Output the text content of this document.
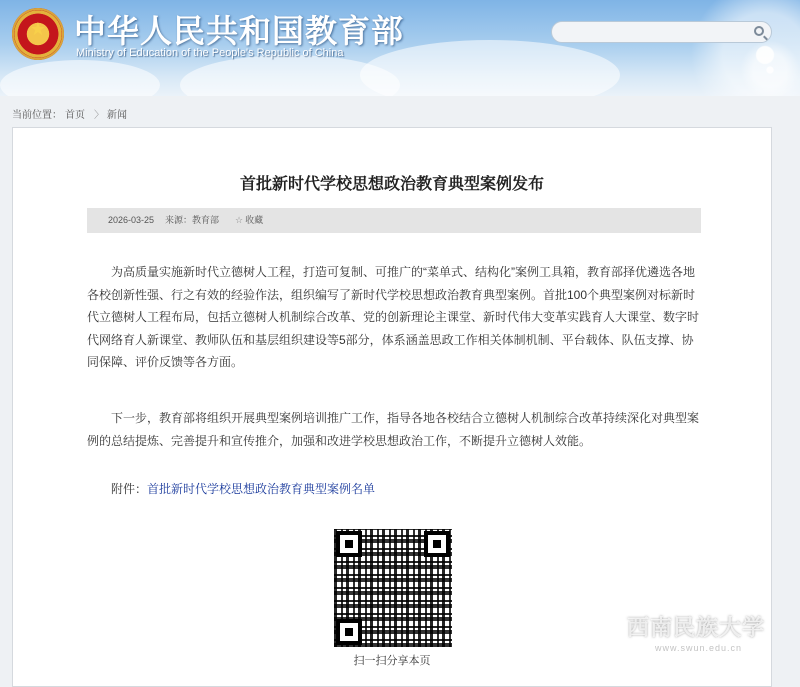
★ 中华人民共和国教育部
Ministry of Education of the People's Republic of China
当前位置： 首页 〉 新闻
首批新时代学校思想政治教育典型案例发布
2026-03-25 来源：教育部 ☆ 收藏

为高质量实施新时代立德树人工程，打造可复制、可推广的“菜单式、结构化”案例工具箱，教育部择优遴选各地 各校创新性强、行之有效的经验作法，组织编写了新时代学校思想政治教育典型案例。首批100个典型案例对标新时代立德树人工程布局，包括立德树人机制综合改革、党的创新理论主课堂、新时代伟大变革实践育人大课堂、数字时代网络育人新课堂、教师队伍和基层组织建设等5部分，体系涵盖思政工作相关体制机制、平台载体、队伍支撑、协同保障、评价反馈等各方面。

下一步，教育部将组织开展典型案例培训推广工作，指导各地各校结合立德树人机制综合改革持续深化对典型案例的总结提炼、完善提升和宣传推介，加强和改进学校思想政治工作，不断提升立德树人效能。

附件：首批新时代学校思想政治教育典型案例名单
扫一扫分享本页
西南民族大学
www.swun.edu.cn
